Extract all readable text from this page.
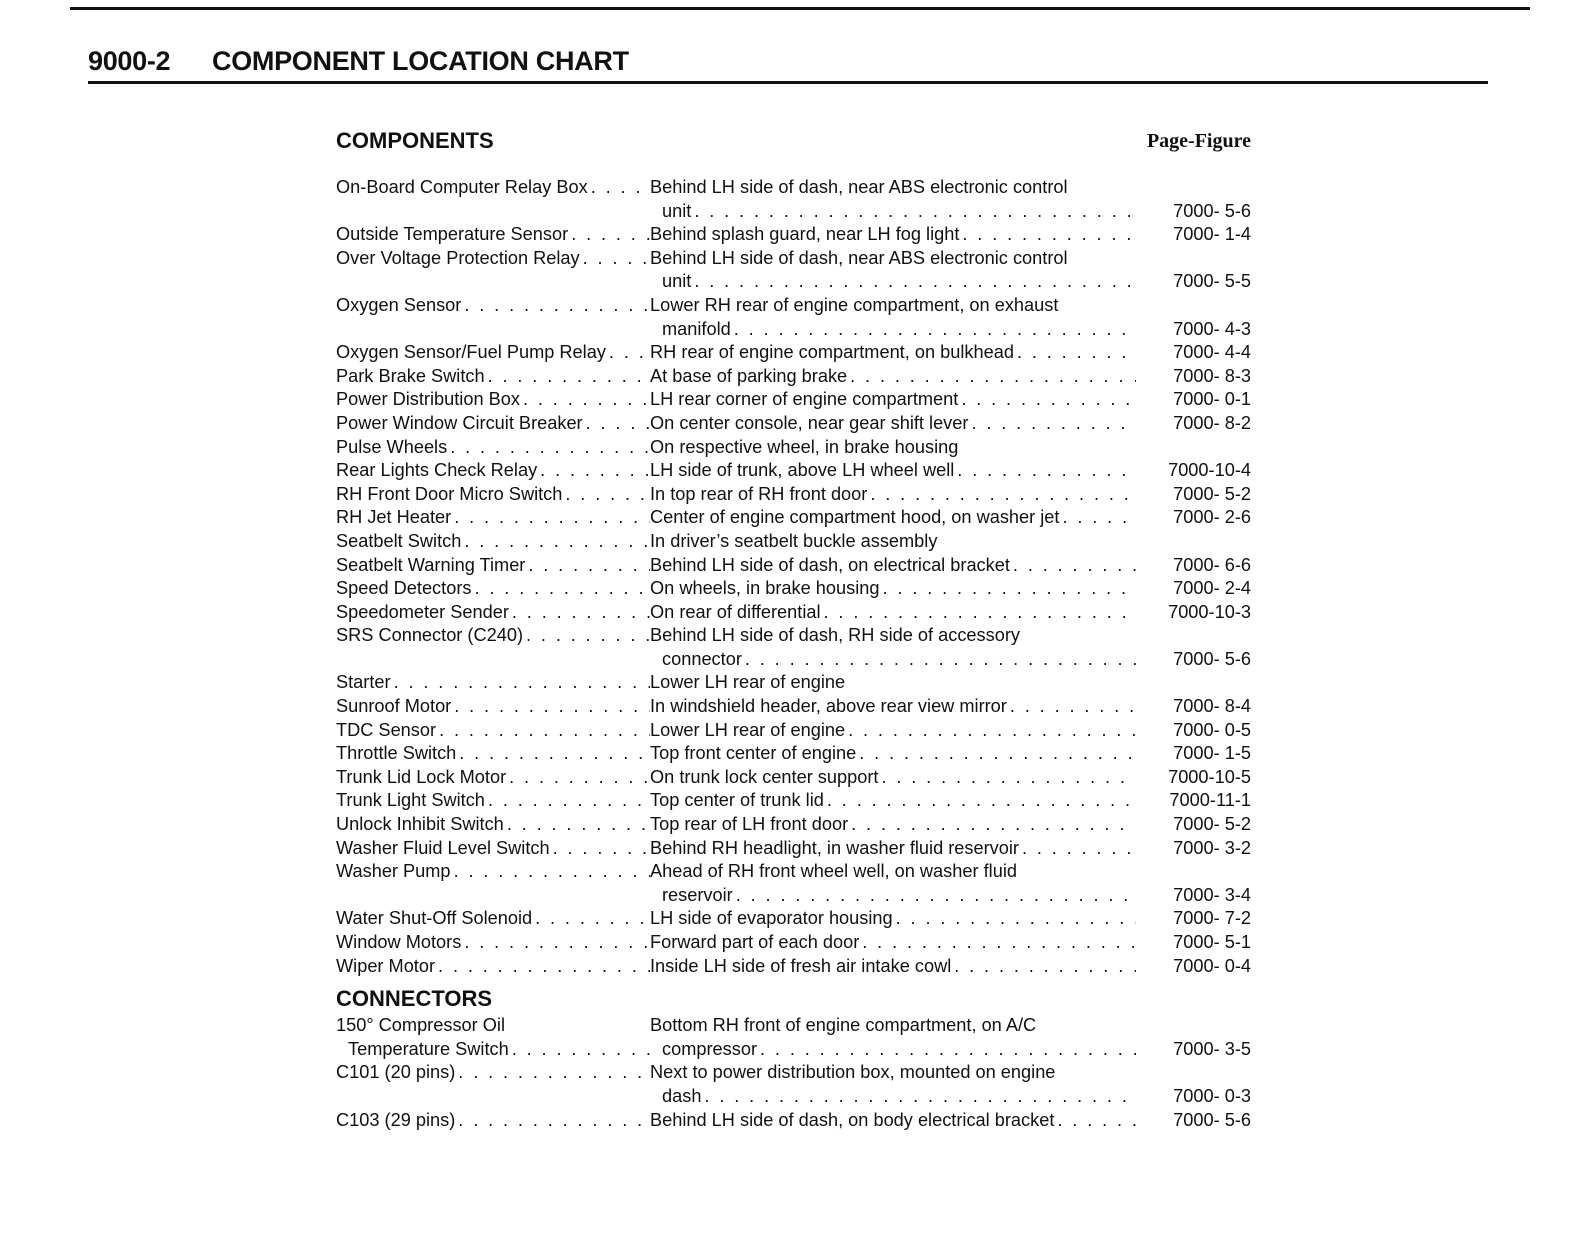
9000-2 COMPONENT LOCATION CHART
COMPONENTS	Page-Figure
On-Board Computer Relay Box . . .	Behind LH side of dash, near ABS electronic control
unit . . .	7000- 5-6
Outside Temperature Sensor . . .	Behind splash guard, near LH fog light . . .	7000- 1-4
Over Voltage Protection Relay . . .	Behind LH side of dash, near ABS electronic control
unit . . .	7000- 5-5
Oxygen Sensor . . .	Lower RH rear of engine compartment, on exhaust
manifold . . .	7000- 4-3
Oxygen Sensor/Fuel Pump Relay . . . RH rear of engine compartment, on bulkhead . . .	7000- 4-4
Park Brake Switch . . .	At base of parking brake . . .	7000- 8-3
Power Distribution Box . . .	LH rear corner of engine compartment . . .	7000- 0-1
Power Window Circuit Breaker . . .	On center console, near gear shift lever . . .	7000- 8-2
Pulse Wheels . . .	On respective wheel, in brake housing
Rear Lights Check Relay . . .	LH side of trunk, above LH wheel well . . .	7000-10-4
RH Front Door Micro Switch . . .	In top rear of RH front door . . .	7000- 5-2
RH Jet Heater . . .	Center of engine compartment hood, on washer jet . . .	7000- 2-6
Seatbelt Switch . . .	In driver’s seatbelt buckle assembly
Seatbelt Warning Timer . . .	Behind LH side of dash, on electrical bracket . . .	7000- 6-6
Speed Detectors . . .	On wheels, in brake housing . . .	7000- 2-4
Speedometer Sender . . .	On rear of differential . . .	7000-10-3
SRS Connector (C240) . . .	Behind LH side of dash, RH side of accessory
connector . . .	7000- 5-6
Starter . . .	Lower LH rear of engine
Sunroof Motor . . .	In windshield header, above rear view mirror . . .	7000- 8-4
TDC Sensor . . .	Lower LH rear of engine . . .	7000- 0-5
Throttle Switch . . .	Top front center of engine . . .	7000- 1-5
Trunk Lid Lock Motor . . .	On trunk lock center support . . .	7000-10-5
Trunk Light Switch . . .	Top center of trunk lid . . .	7000-11-1
Unlock Inhibit Switch . . .	Top rear of LH front door . . .	7000- 5-2
Washer Fluid Level Switch . . .	Behind RH headlight, in washer fluid reservoir . . .	7000- 3-2
Washer Pump . . .	Ahead of RH front wheel well, on washer fluid
reservoir . . .	7000- 3-4
Water Shut-Off Solenoid . . .	LH side of evaporator housing . . .	7000- 7-2
Window Motors . . .	Forward part of each door . . .	7000- 5-1
Wiper Motor . . .	Inside LH side of fresh air intake cowl . . .	7000- 0-4
CONNECTORS
150° Compressor Oil	Bottom RH front of engine compartment, on A/C
Temperature Switch . . .	compressor . . .	7000- 3-5
C101 (20 pins) . . .	Next to power distribution box, mounted on engine
dash . . .	7000- 0-3
C103 (29 pins) . . .	Behind LH side of dash, on body electrical bracket . . .	7000- 5-6
